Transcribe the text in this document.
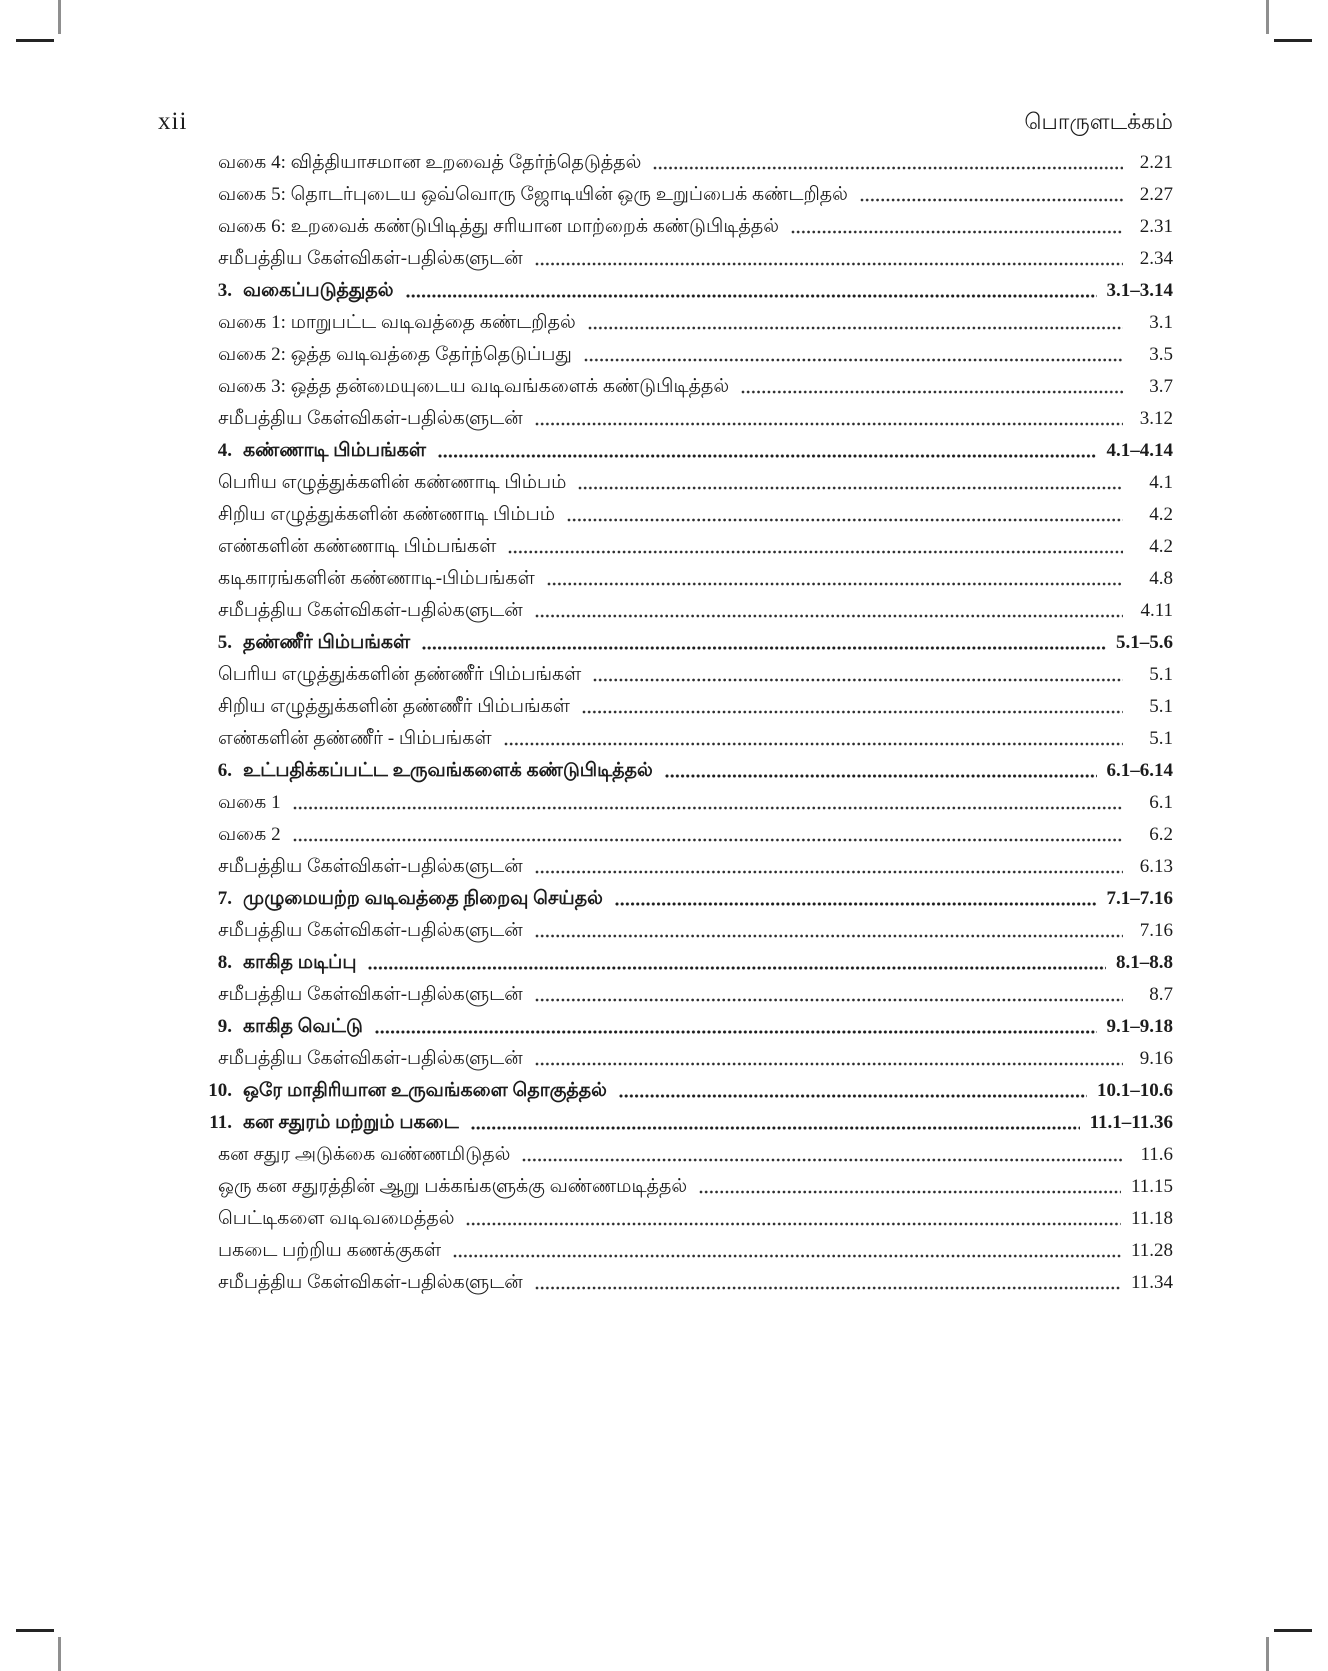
xii	பொருளடக்கம்
வகை 4: வித்தியாசமான உறவைத் தேர்ந்தெடுத்தல்	2.21
வகை 5: தொடர்புடைய ஒவ்வொரு ஜோடியின் ஒரு உறுப்பைக் கண்டறிதல்	2.27
வகை 6: உறவைக் கண்டுபிடித்து சரியான மாற்றைக் கண்டுபிடித்தல்	2.31
சமீபத்திய கேள்விகள்-பதில்களுடன்	2.34
3. வகைப்படுத்துதல்	3.1–3.14
வகை 1: மாறுபட்ட வடிவத்தை கண்டறிதல்	3.1
வகை 2: ஒத்த வடிவத்தை தேர்ந்தெடுப்பது	3.5
வகை 3: ஒத்த தன்மையுடைய வடிவங்களைக் கண்டுபிடித்தல்	3.7
சமீபத்திய கேள்விகள்-பதில்களுடன்	3.12
4. கண்ணாடி பிம்பங்கள்	4.1–4.14
பெரிய எழுத்துக்களின் கண்ணாடி பிம்பம்	4.1
சிறிய எழுத்துக்களின் கண்ணாடி பிம்பம்	4.2
எண்களின் கண்ணாடி பிம்பங்கள்	4.2
கடிகாரங்களின் கண்ணாடி-பிம்பங்கள்	4.8
சமீபத்திய கேள்விகள்-பதில்களுடன்	4.11
5. தண்ணீர் பிம்பங்கள்	5.1–5.6
பெரிய எழுத்துக்களின் தண்ணீர் பிம்பங்கள்	5.1
சிறிய எழுத்துக்களின் தண்ணீர் பிம்பங்கள்	5.1
எண்களின் தண்ணீர் - பிம்பங்கள்	5.1
6. உட்பதிக்கப்பட்ட உருவங்களைக் கண்டுபிடித்தல்	6.1–6.14
வகை 1	6.1
வகை 2	6.2
சமீபத்திய கேள்விகள்-பதில்களுடன்	6.13
7. முழுமையற்ற வடிவத்தை நிறைவு செய்தல்	7.1–7.16
சமீபத்திய கேள்விகள்-பதில்களுடன்	7.16
8. காகித மடிப்பு	8.1–8.8
சமீபத்திய கேள்விகள்-பதில்களுடன்	8.7
9. காகித வெட்டு	9.1–9.18
சமீபத்திய கேள்விகள்-பதில்களுடன்	9.16
10. ஒரே மாதிரியான உருவங்களை தொகுத்தல்	10.1–10.6
11. கன சதுரம் மற்றும் பகடை	11.1–11.36
கன சதுர அடுக்கை வண்ணமிடுதல்	11.6
ஒரு கன சதுரத்தின் ஆறு பக்கங்களுக்கு வண்ணமடித்தல்	11.15
பெட்டிகளை வடிவமைத்தல்	11.18
பகடை பற்றிய கணக்குகள்	11.28
சமீபத்திய கேள்விகள்-பதில்களுடன்	11.34
